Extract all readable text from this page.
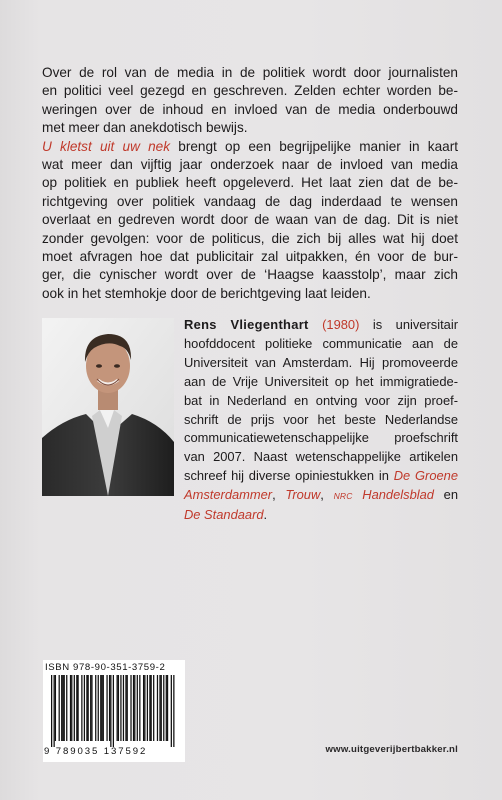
Over de rol van de media in de politiek wordt door journalisten
en politici veel gezegd en geschreven. Zelden echter worden be-
weringen over de inhoud en invloed van de media onderbouwd
met meer dan anekdotisch bewijs.
U kletst uit uw nek brengt op een begrijpelijke manier in kaart
wat meer dan vijftig jaar onderzoek naar de invloed van media
op politiek en publiek heeft opgeleverd. Het laat zien dat de be-
richtgeving over politiek vandaag de dag inderdaad te wensen
overlaat en gedreven wordt door de waan van de dag. Dit is niet
zonder gevolgen: voor de politicus, die zich bij alles wat hij doet
moet afvragen hoe dat publicitair zal uitpakken, én voor de bur-
ger, die cynischer wordt over de ‘Haagse kaasstolp’, maar zich
ook in het stemhokje door de berichtgeving laat leiden.
Rens Vliegenthart (1980) is universitair
hoofddocent politieke communicatie aan de
Universiteit van Amsterdam. Hij promoveerde
aan de Vrije Universiteit op het immigratiede-
bat in Nederland en ontving voor zijn proef-
schrift de prijs voor het beste Nederlandse
communicatiewetenschappelijke proefschrift
van 2007. Naast wetenschappelijke artikelen
schreef hij diverse opiniestukken in De Groene
Amsterdammer, Trouw, NRC Handelsblad en
De Standaard.
ISBN 978-90-351-3759-2
9 789035 137592	www.uitgeverijbertbakker.nl
